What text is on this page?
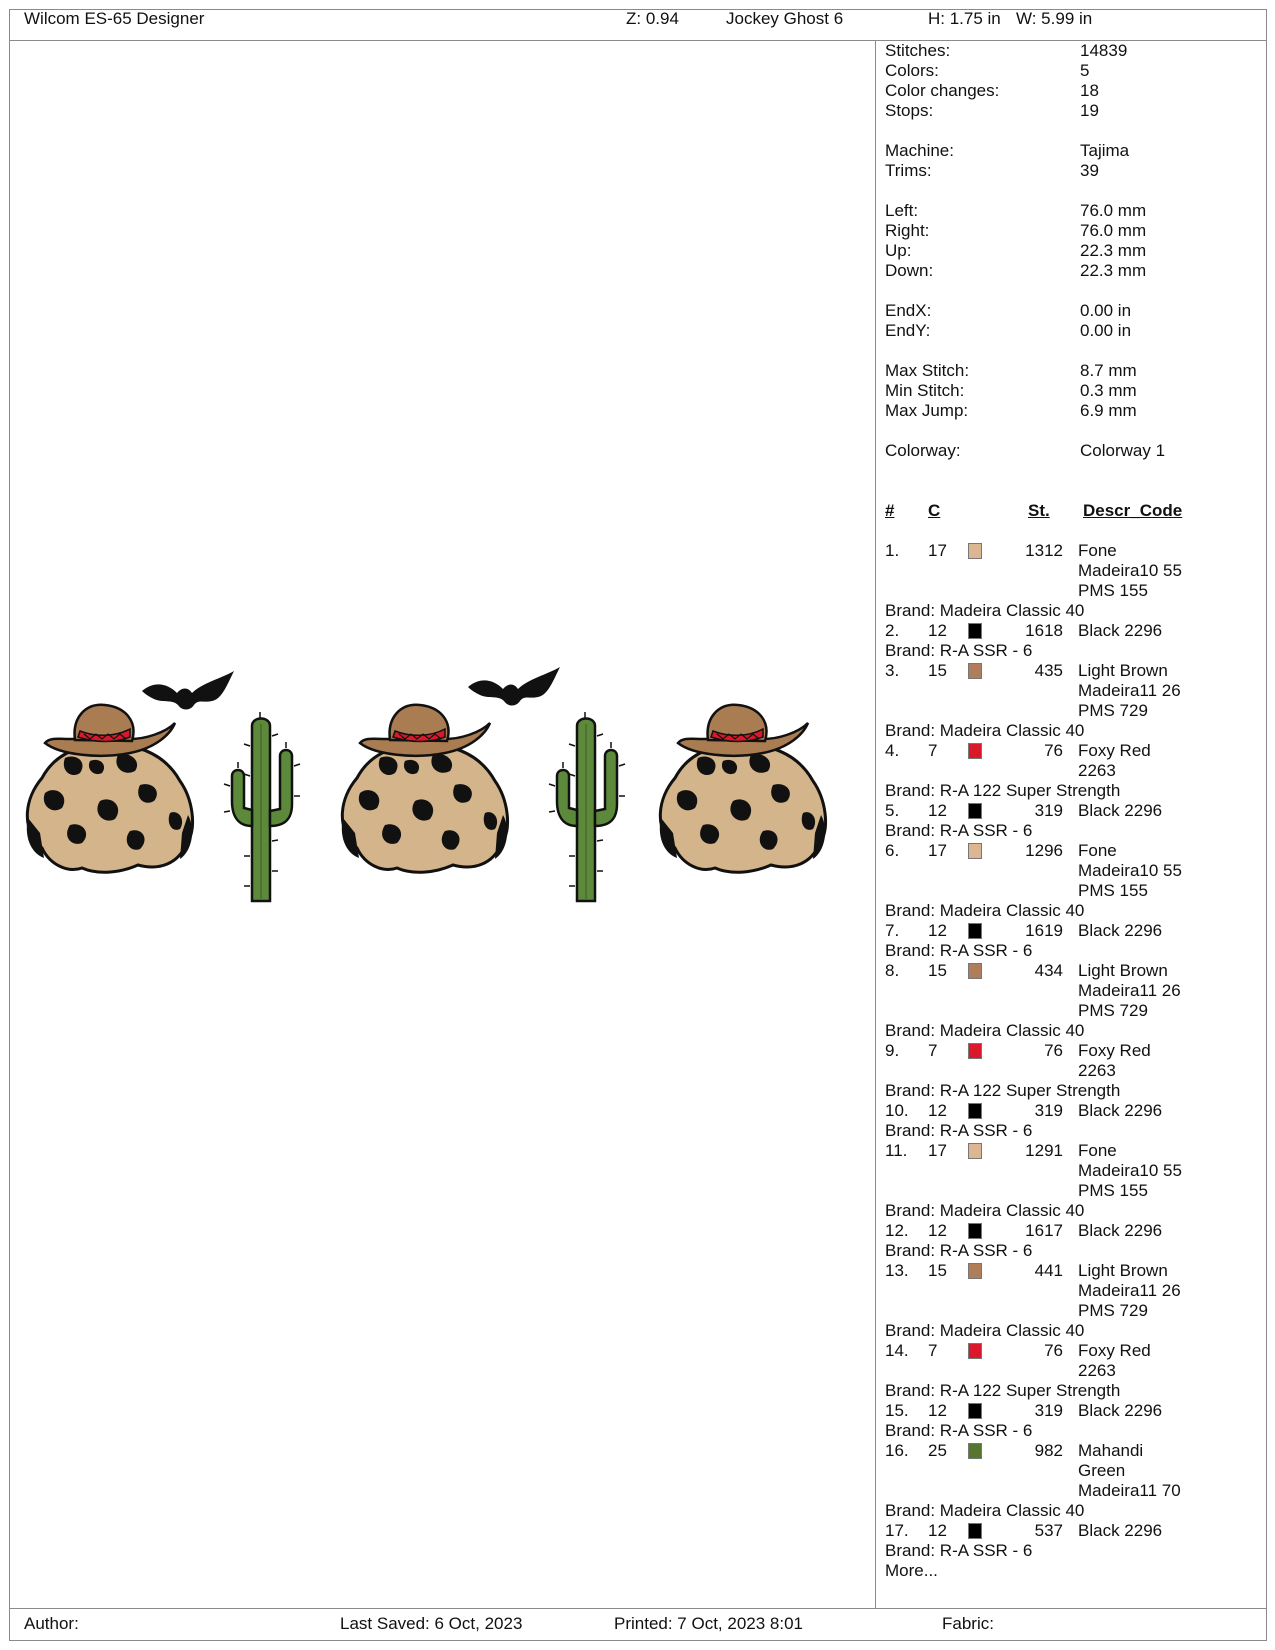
Wilcom ES-65 Designer	Z: 0.94	Jockey Ghost 6	H: 1.75 in W: 5.99 in
Stitches:	14839
Colors:	5
Color changes:	18
Stops:	19
Machine:	Tajima
Trims:	39
Left:	76.0 mm
Right:	76.0 mm
Up:	22.3 mm
Down:	22.3 mm
EndX:	0.00 in
EndY:	0.00 in
Max Stitch:	8.7 mm
Min Stitch:	0.3 mm
Max Jump:	6.9 mm
Colorway:	Colorway 1
# C	St. Descr_Code
1. 17	1312 Fone
Madeira10 55
PMS 155
Brand: Madeira Classic 40
2. 12	1618 Black 2296
Brand: R-A SSR - 6
3. 15	435 Light Brown
Madeira11 26
PMS 729
Brand: Madeira Classic 40
4. 7	76 Foxy Red
2263
Brand: R-A 122 Super Strength
5. 12	319 Black 2296
Brand: R-A SSR - 6
6. 17	1296 Fone
Madeira10 55
PMS 155
Brand: Madeira Classic 40
7. 12	1619 Black 2296
Brand: R-A SSR - 6
8. 15	434 Light Brown
Madeira11 26
PMS 729
Brand: Madeira Classic 40
9. 7	76 Foxy Red
2263
Brand: R-A 122 Super Strength
10. 12	319 Black 2296
Brand: R-A SSR - 6
11. 17	1291 Fone
Madeira10 55
PMS 155
Brand: Madeira Classic 40
12. 12	1617 Black 2296
Brand: R-A SSR - 6
13. 15	441 Light Brown
Madeira11 26
PMS 729
Brand: Madeira Classic 40
14. 7	76 Foxy Red
2263
Brand: R-A 122 Super Strength
15. 12	319 Black 2296
Brand: R-A SSR - 6
16. 25	982 Mahandi
Green
Madeira11 70
Brand: Madeira Classic 40
17. 12	537 Black 2296
Brand: R-A SSR - 6
More...
Author:	Last Saved: 6 Oct, 2023	Printed: 7 Oct, 2023 8:01	Fabric:
